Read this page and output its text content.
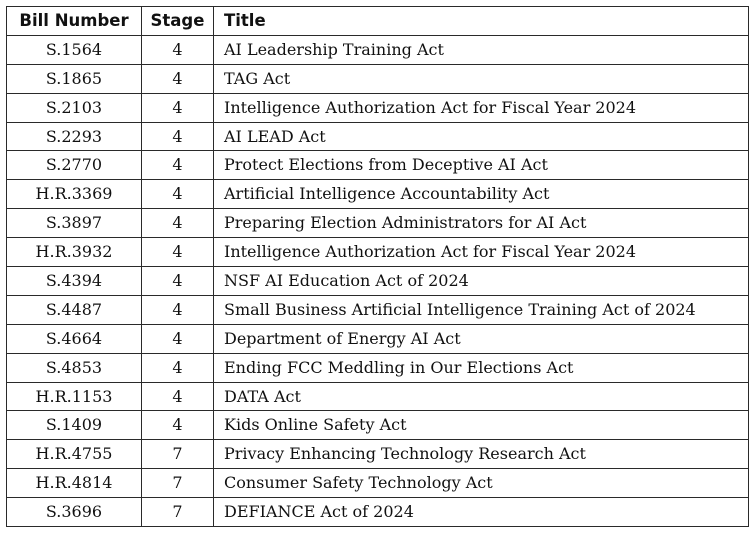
Bill Number	Stage	Title
S.1564	4	AI Leadership Training Act
S.1865	4	TAG Act
S.2103	4	Intelligence Authorization Act for Fiscal Year 2024
S.2293	4	AI LEAD Act
S.2770	4	Protect Elections from Deceptive AI Act
H.R.3369	4	Artificial Intelligence Accountability Act
S.3897	4	Preparing Election Administrators for AI Act
H.R.3932	4	Intelligence Authorization Act for Fiscal Year 2024
S.4394	4	NSF AI Education Act of 2024
S.4487	4	Small Business Artificial Intelligence Training Act of 2024
S.4664	4	Department of Energy AI Act
S.4853	4	Ending FCC Meddling in Our Elections Act
H.R.1153	4	DATA Act
S.1409	4	Kids Online Safety Act
H.R.4755	7	Privacy Enhancing Technology Research Act
H.R.4814	7	Consumer Safety Technology Act
S.3696	7	DEFIANCE Act of 2024
